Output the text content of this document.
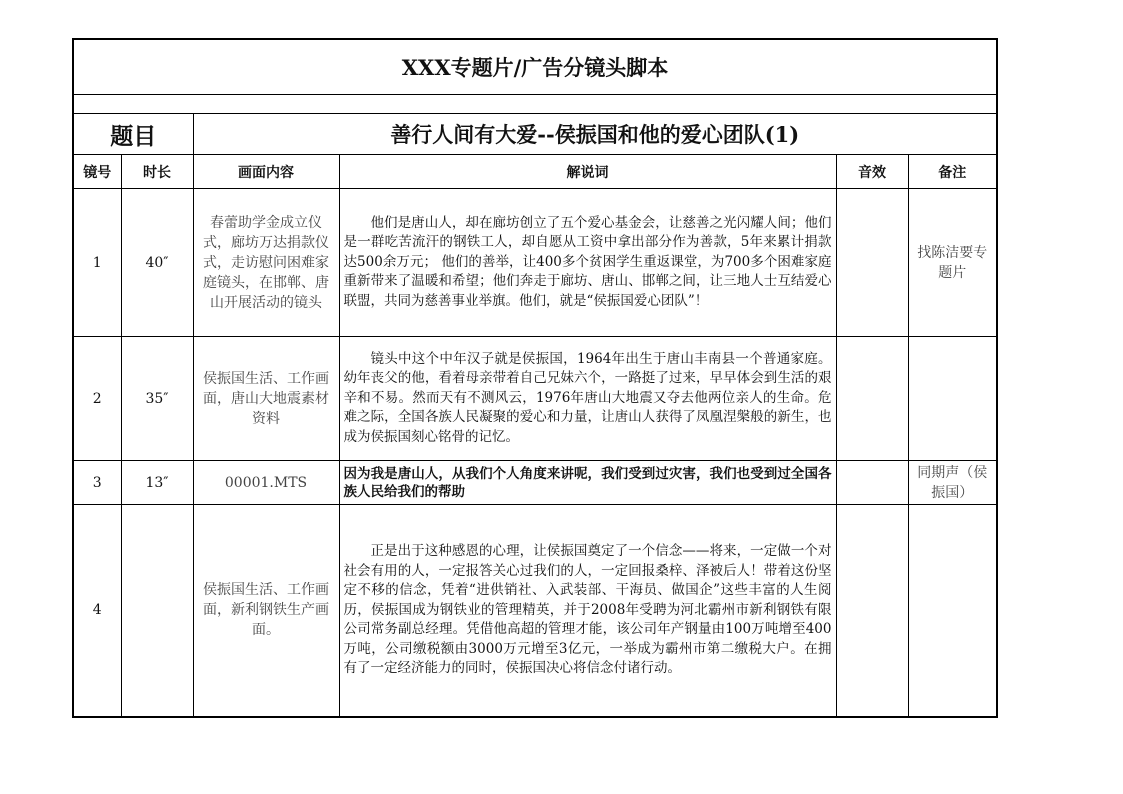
XXX专题片/广告分镜头脚本					

题目		善行人间有大爱--侯振国和他的爱心团队(1)			
镜号	时长	画面内容	解说词	音效	备注
1	40″	春蕾助学金成立仪式，廊坊万达捐款仪式，走访慰问困难家庭镜头，在邯郸、唐山开展活动的镜头	他们是唐山人，却在廊坊创立了五个爱心基金会，让慈善之光闪耀人间；他们是一群吃苦流汗的钢铁工人，却自愿从工资中拿出部分作为善款，5年来累计捐款达500余万元； 他们的善举，让400多个贫困学生重返课堂，为700多个困难家庭重新带来了温暖和希望；他们奔走于廊坊、唐山、邯郸之间，让三地人士互结爱心联盟，共同为慈善事业举旗。他们，就是“侯振国爱心团队”！		找陈洁要专题片
2	35″	侯振国生活、工作画面，唐山大地震素材资料	镜头中这个中年汉子就是侯振国，1964年出生于唐山丰南县一个普通家庭。幼年丧父的他，看着母亲带着自己兄妹六个，一路挺了过来，早早体会到生活的艰辛和不易。然而天有不测风云，1976年唐山大地震又夺去他两位亲人的生命。危难之际，全国各族人民凝聚的爱心和力量，让唐山人获得了凤凰涅槃般的新生，也成为侯振国刻心铭骨的记忆。		

3	13″	00001.MTS	因为我是唐山人，从我们个人角度来讲呢，我们受到过灾害，我们也受到过全国各族人民给我们的帮助		同期声（侯振国）
4		侯振国生活、工作画面，新利钢铁生产画面。	正是出于这种感恩的心理，让侯振国奠定了一个信念——将来，一定做一个对社会有用的人，一定报答关心过我们的人，一定回报桑梓、泽被后人！带着这份坚定不移的信念，凭着“进供销社、入武装部、干海员、做国企”这些丰富的人生阅历，侯振国成为钢铁业的管理精英，并于2008年受聘为河北霸州市新利钢铁有限公司常务副总经理。凭借他高超的管理才能，该公司年产钢量由100万吨增至400万吨，公司缴税额由3000万元增至3亿元，一举成为霸州市第二缴税大户。在拥有了一定经济能力的同时，侯振国决心将信念付诸行动。		
